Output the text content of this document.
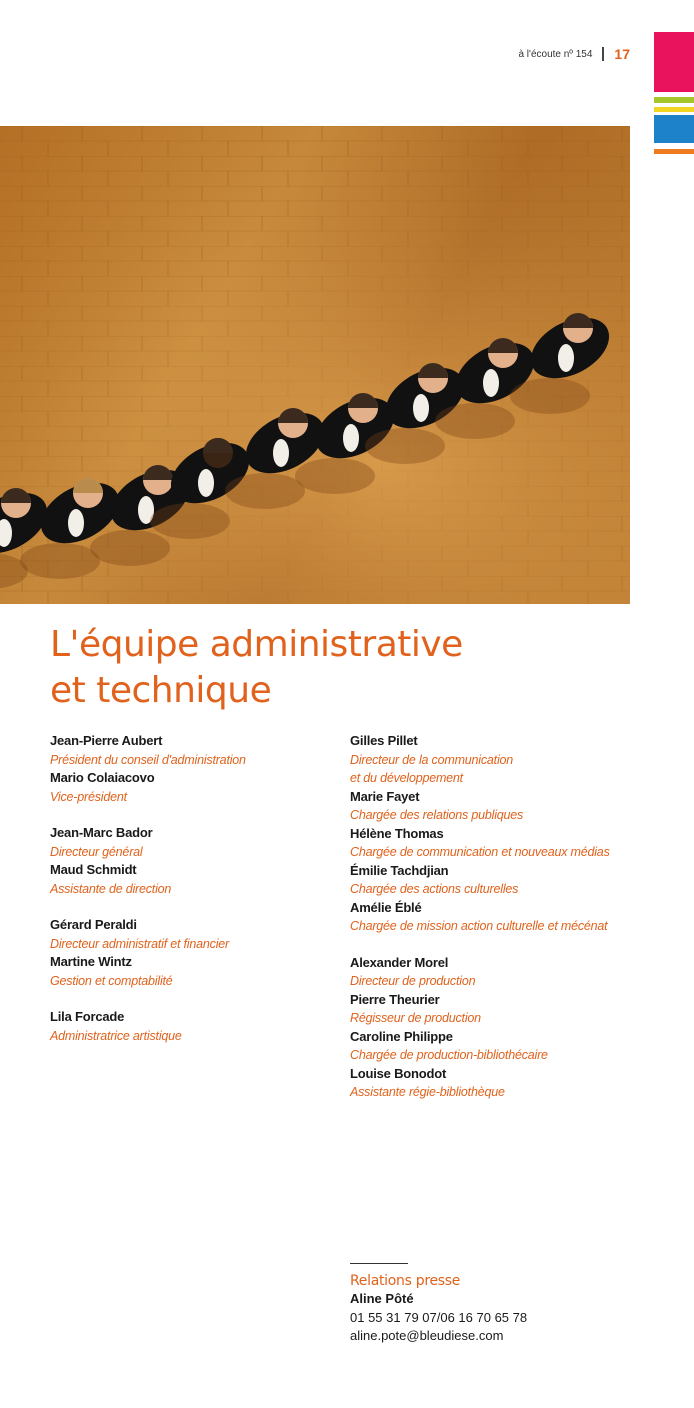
à l'écoute nº 154 17
L'équipe administrative
et technique
Jean-Pierre Aubert
Président du conseil d'administration
Mario Colaiacovo
Vice-président
Jean-Marc Bador
Directeur général
Maud Schmidt
Assistante de direction
Gérard Peraldi
Directeur administratif et financier
Martine Wintz
Gestion et comptabilité
Lila Forcade
Administratrice artistique
Gilles Pillet
Directeur de la communication
et du développement
Marie Fayet
Chargée des relations publiques
Hélène Thomas
Chargée de communication et nouveaux médias
Émilie Tachdjian
Chargée des actions culturelles
Amélie Éblé
Chargée de mission action culturelle et mécénat
Alexander Morel
Directeur de production
Pierre Theurier
Régisseur de production
Caroline Philippe
Chargée de production-bibliothécaire
Louise Bonodot
Assistante régie-bibliothèque
Relations presse
Aline Pôté
01 55 31 79 07/06 16 70 65 78
aline.pote@bleudiese.com
